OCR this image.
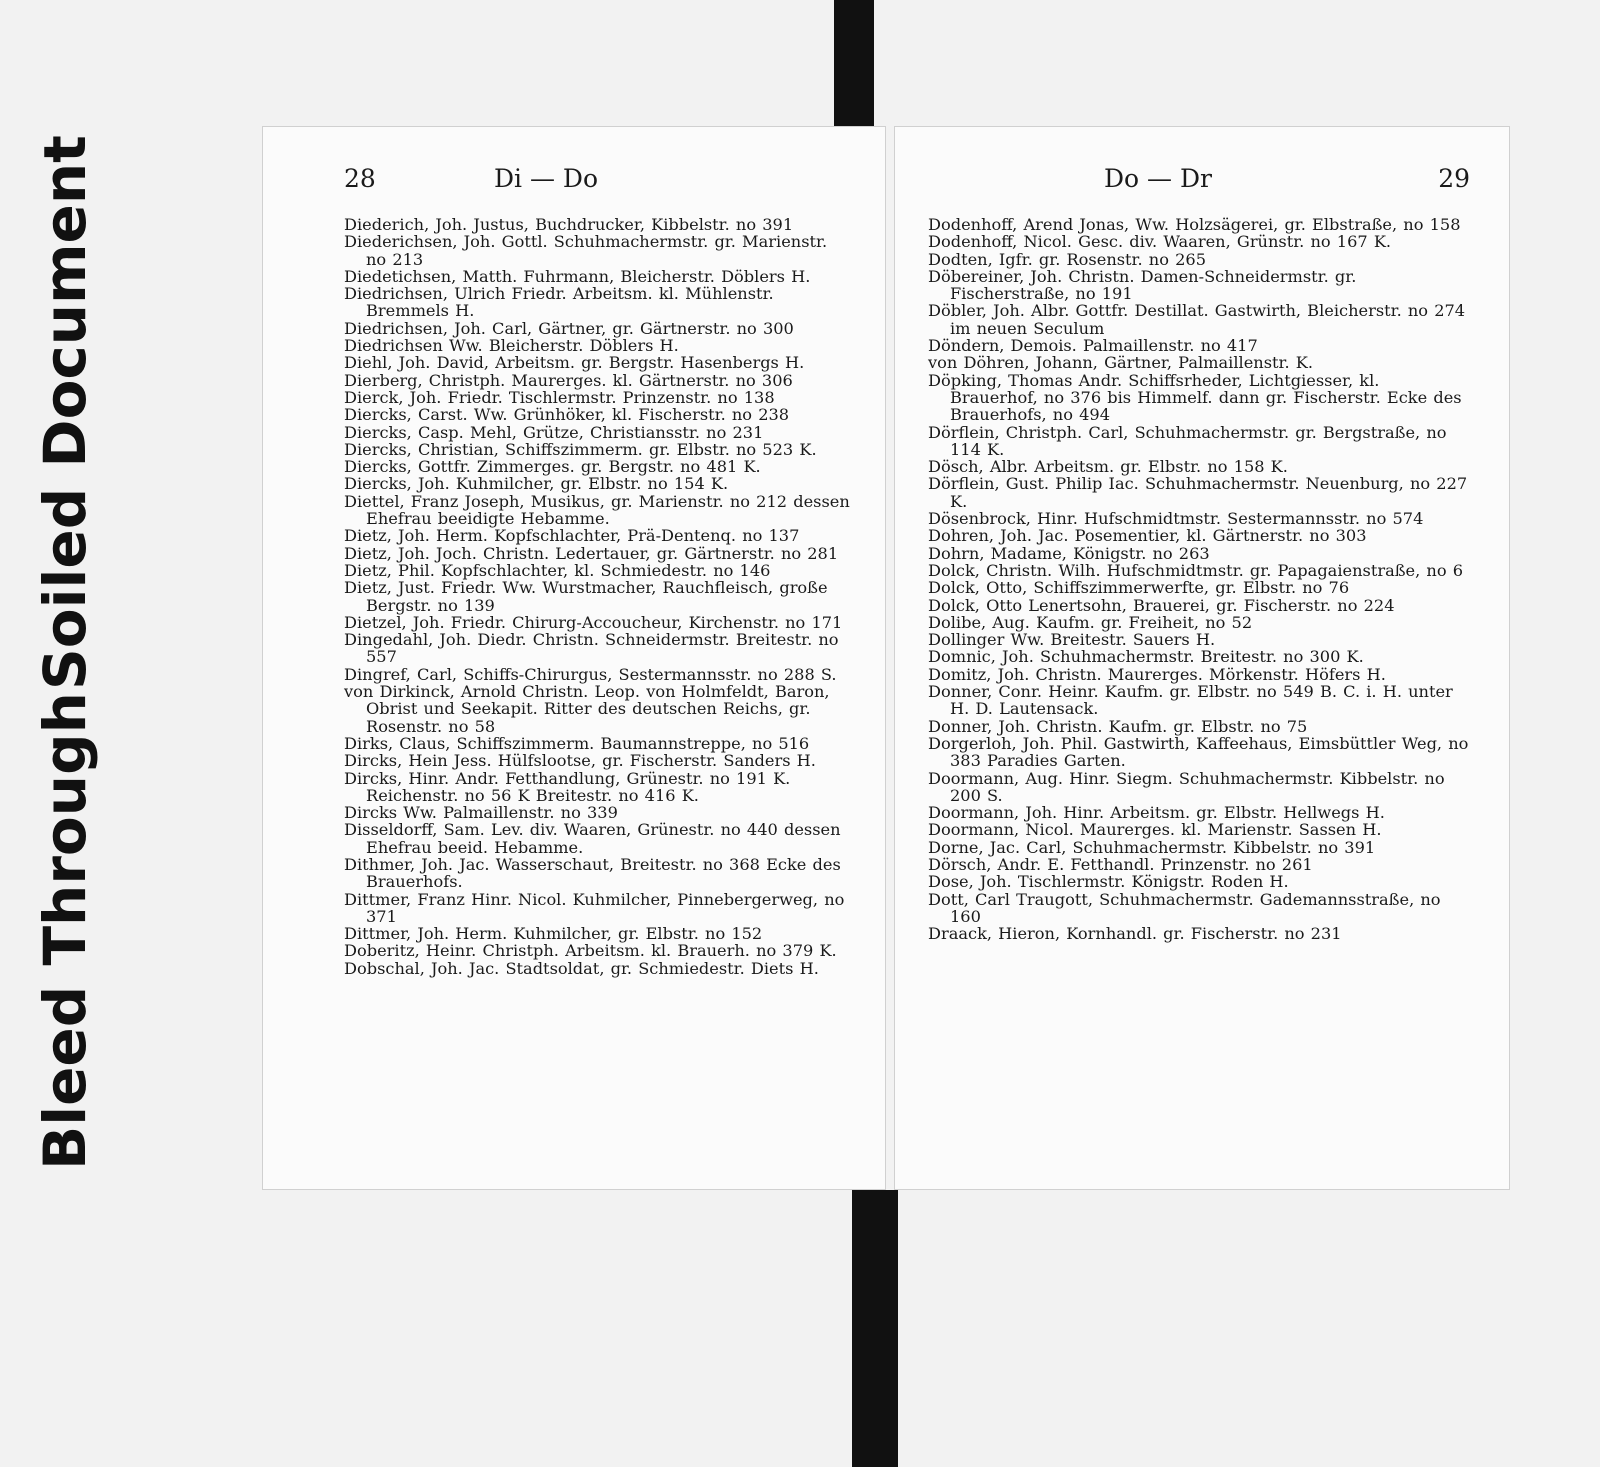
Bleed Through
Soiled Document	28	Di — Do
Diederich, Joh. Justus, Buchdrucker, Kibbelstr. no 391
Diederichsen, Joh. Gottl. Schuhmachermstr. gr. Marienstr. no 213
Diedetichsen, Matth. Fuhrmann, Bleicherstr. Döblers H.
Diedrichsen, Ulrich Friedr. Arbeitsm. kl. Mühlenstr. Bremmels H.
Diedrichsen, Joh. Carl, Gärtner, gr. Gärtnerstr. no 300
Diedrichsen Ww. Bleicherstr. Döblers H.
Diehl, Joh. David, Arbeitsm. gr. Bergstr. Hasenbergs H.
Dierberg, Christph. Maurerges. kl. Gärtnerstr. no 306
Dierck, Joh. Friedr. Tischlermstr. Prinzenstr. no 138
Diercks, Carst. Ww. Grünhöker, kl. Fischerstr. no 238
Diercks, Casp. Mehl, Grütze, Christiansstr. no 231
Diercks, Christian, Schiffszimmerm. gr. Elbstr. no 523 K.
Diercks, Gottfr. Zimmerges. gr. Bergstr. no 481 K.
Diercks, Joh. Kuhmilcher, gr. Elbstr. no 154 K.
Diettel, Franz Joseph, Musikus, gr. Marienstr. no 212 dessen Ehefrau beeidigte Hebamme.
Dietz, Joh. Herm. Kopfschlachter, Prä-Dentenq. no 137
Dietz, Joh. Joch. Christn. Ledertauer, gr. Gärtnerstr. no 281
Dietz, Phil. Kopfschlachter, kl. Schmiedestr. no 146
Dietz, Just. Friedr. Ww. Wurstmacher, Rauchfleisch, große Bergstr. no 139
Dietzel, Joh. Friedr. Chirurg-Accoucheur, Kirchenstr. no 171
Dingedahl, Joh. Diedr. Christn. Schneidermstr. Breitestr. no 557
Dingref, Carl, Schiffs-Chirurgus, Sestermannsstr. no 288 S.
von Dirkinck, Arnold Christn. Leop. von Holmfeldt, Baron, Obrist und Seekapit. Ritter des deutschen Reichs, gr. Rosenstr. no 58
Dirks, Claus, Schiffszimmerm. Baumannstreppe, no 516
Dircks, Hein Jess. Hülfslootse, gr. Fischerstr. Sanders H.
Dircks, Hinr. Andr. Fetthandlung, Grünestr. no 191 K. Reichenstr. no 56 K Breitestr. no 416 K.
Dircks Ww. Palmaillenstr. no 339
Disseldorff, Sam. Lev. div. Waaren, Grünestr. no 440 dessen Ehefrau beeid. Hebamme.
Dithmer, Joh. Jac. Wasserschaut, Breitestr. no 368 Ecke des Brauerhofs.
Dittmer, Franz Hinr. Nicol. Kuhmilcher, Pinnebergerweg, no 371
Dittmer, Joh. Herm. Kuhmilcher, gr. Elbstr. no 152
Doberitz, Heinr. Christph. Arbeitsm. kl. Brauerh. no 379 K.
Dobschal, Joh. Jac. Stadtsoldat, gr. Schmiedestr. Diets H.
Do — Dr	29
Dodenhoff, Arend Jonas, Ww. Holzsägerei, gr. Elbstraße, no 158
Dodenhoff, Nicol. Gesc. div. Waaren, Grünstr. no 167 K.
Dodten, Igfr. gr. Rosenstr. no 265
Döbereiner, Joh. Christn. Damen-Schneidermstr. gr. Fischerstraße, no 191
Döbler, Joh. Albr. Gottfr. Destillat. Gastwirth, Bleicherstr. no 274 im neuen Seculum
Döndern, Demois. Palmaillenstr. no 417
von Döhren, Johann, Gärtner, Palmaillenstr. K.
Döpking, Thomas Andr. Schiffsrheder, Lichtgiesser, kl. Brauerhof, no 376 bis Himmelf. dann gr. Fischerstr. Ecke des Brauerhofs, no 494
Dörflein, Christph. Carl, Schuhmachermstr. gr. Bergstraße, no 114 K.
Dösch, Albr. Arbeitsm. gr. Elbstr. no 158 K.
Dörflein, Gust. Philip Iac. Schuhmachermstr. Neuenburg, no 227 K.
Dösenbrock, Hinr. Hufschmidtmstr. Sestermannsstr. no 574
Dohren, Joh. Jac. Posementier, kl. Gärtnerstr. no 303
Dohrn, Madame, Königstr. no 263
Dolck, Christn. Wilh. Hufschmidtmstr. gr. Papagaienstraße, no 6
Dolck, Otto, Schiffszimmerwerfte, gr. Elbstr. no 76
Dolck, Otto Lenertsohn, Brauerei, gr. Fischerstr. no 224
Dolibe, Aug. Kaufm. gr. Freiheit, no 52
Dollinger Ww. Breitestr. Sauers H.
Domnic, Joh. Schuhmachermstr. Breitestr. no 300 K.
Domitz, Joh. Christn. Maurerges. Mörkenstr. Höfers H.
Donner, Conr. Heinr. Kaufm. gr. Elbstr. no 549 B. C. i. H. unter H. D. Lautensack.
Donner, Joh. Christn. Kaufm. gr. Elbstr. no 75
Dorgerloh, Joh. Phil. Gastwirth, Kaffeehaus, Eimsbüttler Weg, no 383 Paradies Garten.
Doormann, Aug. Hinr. Siegm. Schuhmachermstr. Kibbelstr. no 200 S.
Doormann, Joh. Hinr. Arbeitsm. gr. Elbstr. Hellwegs H.
Doormann, Nicol. Maurerges. kl. Marienstr. Sassen H.
Dorne, Jac. Carl, Schuhmachermstr. Kibbelstr. no 391
Dörsch, Andr. E. Fetthandl. Prinzenstr. no 261
Dose, Joh. Tischlermstr. Königstr. Roden H.
Dott, Carl Traugott, Schuhmachermstr. Gademannsstraße, no 160
Draack, Hieron, Kornhandl. gr. Fischerstr. no 231
